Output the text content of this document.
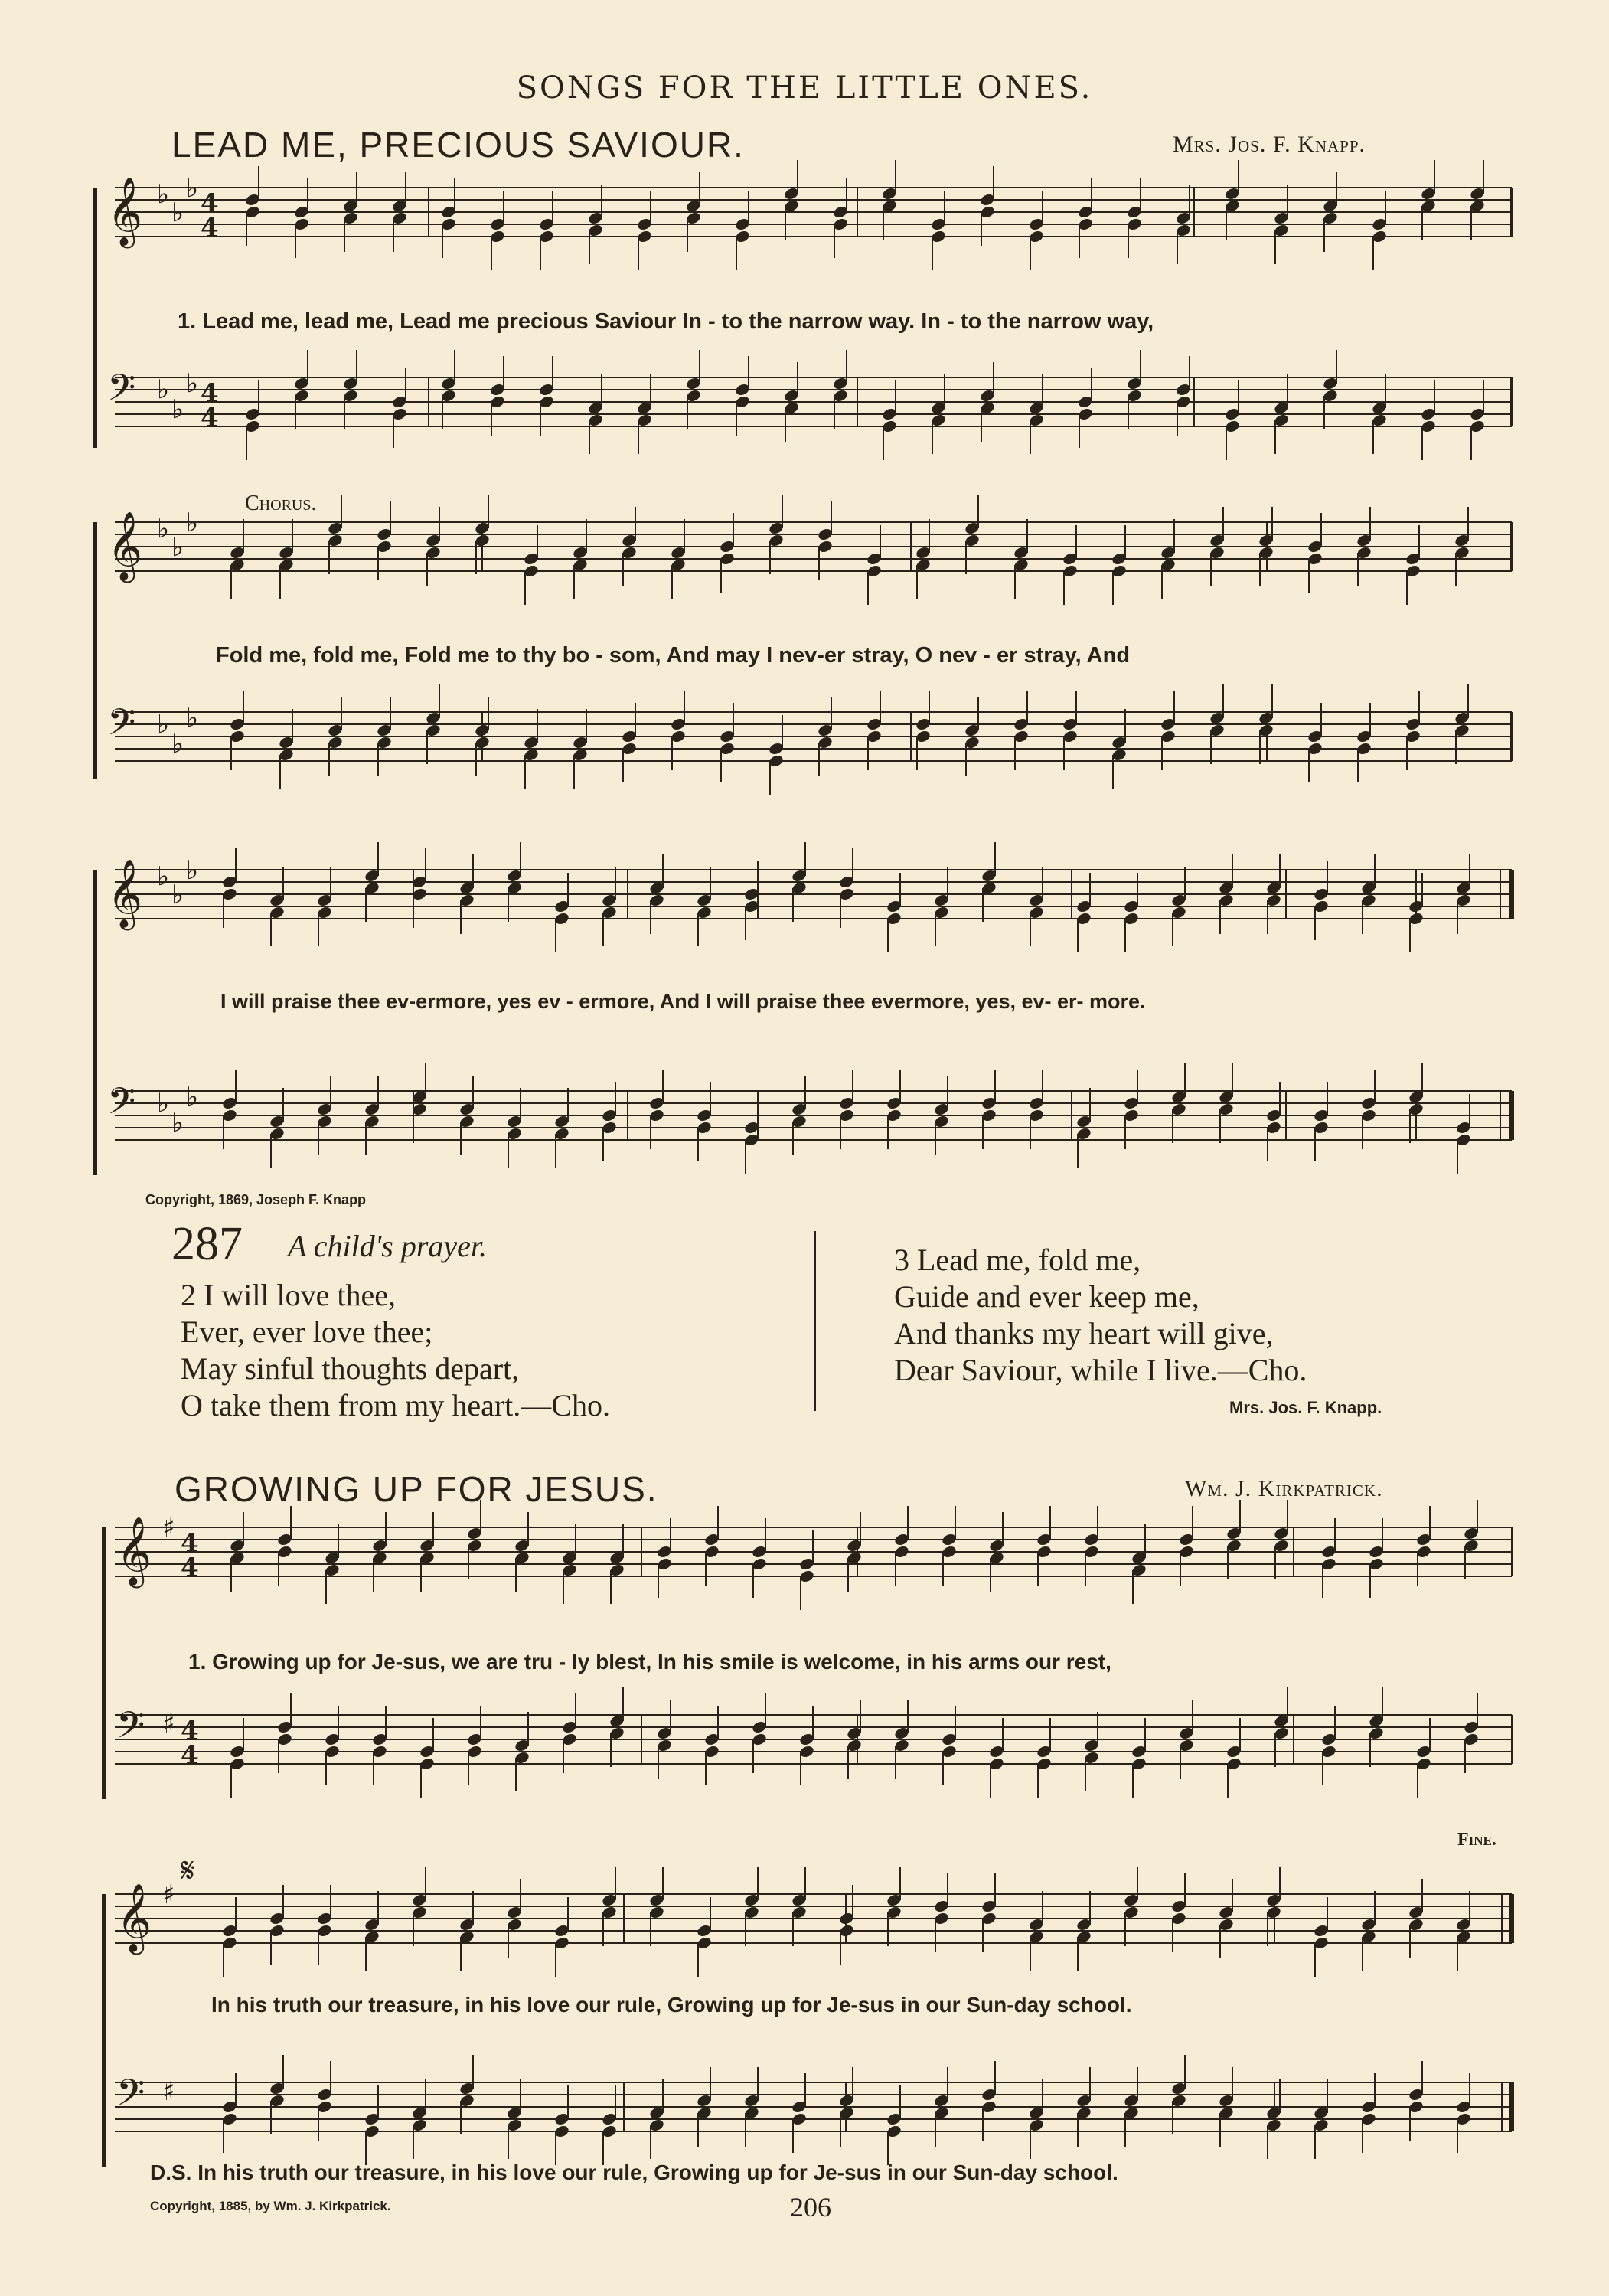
SONGS FOR THE LITTLE ONES.
LEAD ME, PRECIOUS SAVIOUR.	Mrs. Jos. F. Knapp.
𝄞
𝄢
𝄞
𝄢
𝄞
𝄢
♭
♭
♭
♭
♭
♭
♭
♭
♭
♭
♭
♭
♭
♭
♭
♭
♭
♭
4
4
4
4
1. Lead me, lead me, Lead me precious Saviour In - to the narrow way. In - to the narrow way,
Chorus.
Fold me, fold me, Fold me to thy bo - som, And may I nev-er stray, O nev - er stray, And
I will praise thee ev-ermore, yes ev - ermore, And I will praise thee evermore, yes, ev- er- more.
Copyright, 1869, Joseph F. Knapp
287 A child's prayer.
2 I will love thee,
Ever, ever love thee;
May sinful thoughts depart,
O take them from my heart.—Cho.
3 Lead me, fold me,
Guide and ever keep me,
And thanks my heart will give,
Dear Saviour, while I live.—Cho.
Mrs. Jos. F. Knapp.
GROWING UP FOR JESUS.	Wm. J. Kirkpatrick.
𝄞
𝄢
𝄞
𝄢
♯
♯
♯
♯
4
4
4
4
1. Growing up for Je-sus, we are tru - ly blest, In his smile is welcome, in his arms our rest,
𝄋
Fine.
In his truth our treasure, in his love our rule, Growing up for Je-sus in our Sun-day school.
D.S. In his truth our treasure, in his love our rule, Growing up for Je-sus in our Sun-day school.
Copyright, 1885, by Wm. J. Kirkpatrick.	206
